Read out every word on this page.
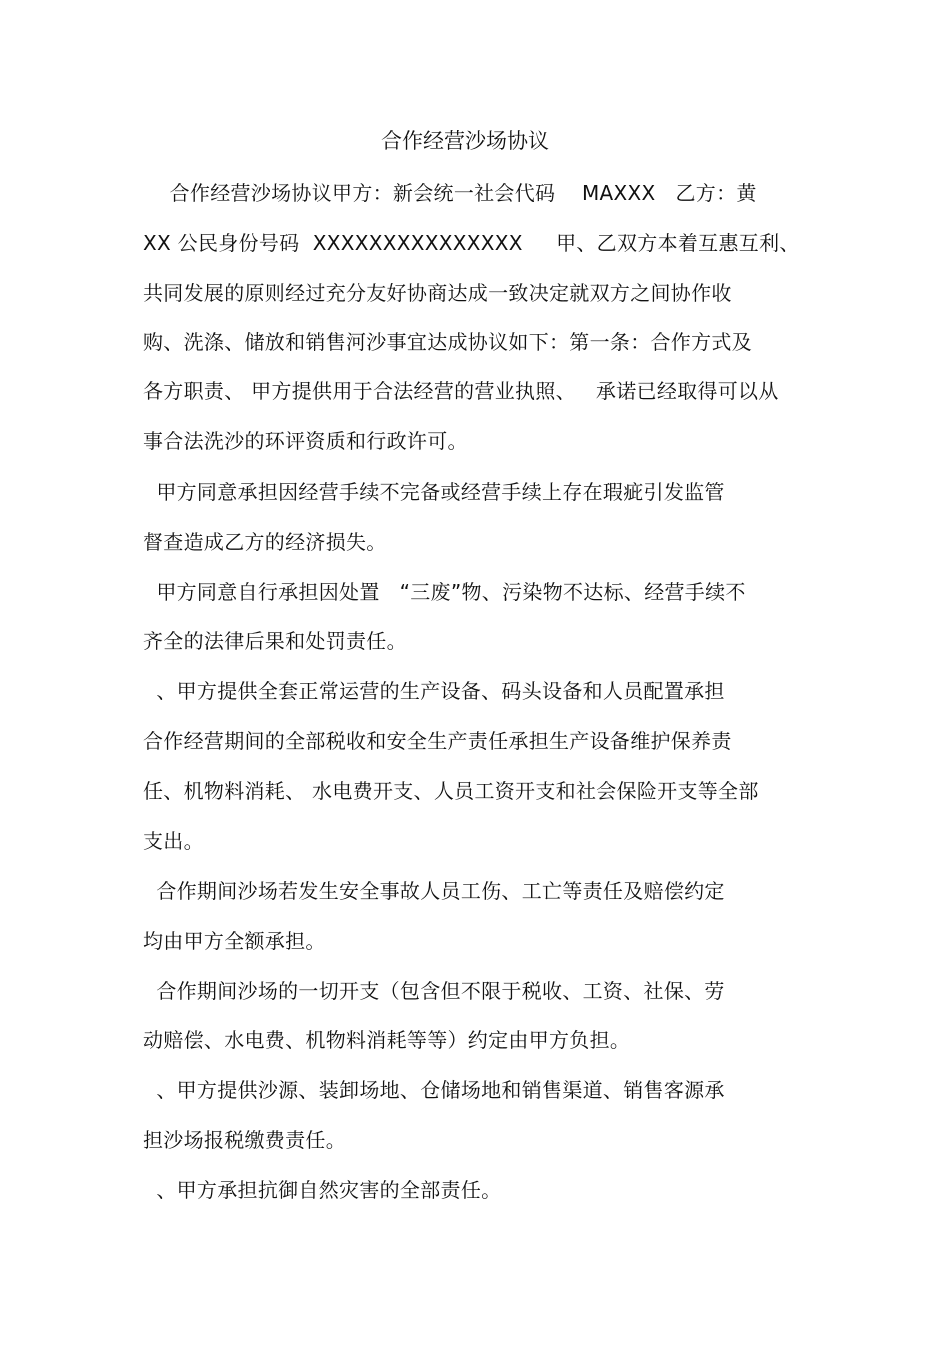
合作经营沙场协议
合作经营沙场协议甲方：新会统一社会代码    MAXXX   乙方：黄
XX 公民身份号码  XXXXXXXXXXXXXXX     甲、乙双方本着互惠互利、
共同发展的原则经过充分友好协商达成一致决定就双方之间协作收
购、洗涤、储放和销售河沙事宜达成协议如下：第一条：合作方式及
各方职责、 甲方提供用于合法经营的营业执照、   承诺已经取得可以从
事合法洗沙的环评资质和行政许可。
甲方同意承担因经营手续不完备或经营手续上存在瑕疵引发监管
督查造成乙方的经济损失。
甲方同意自行承担因处置   “三废”物、污染物不达标、经营手续不
齐全的法律后果和处罚责任。
、甲方提供全套正常运营的生产设备、码头设备和人员配置承担
合作经营期间的全部税收和安全生产责任承担生产设备维护保养责
任、机物料消耗、 水电费开支、人员工资开支和社会保险开支等全部
支出。
合作期间沙场若发生安全事故人员工伤、工亡等责任及赔偿约定
均由甲方全额承担。
合作期间沙场的一切开支（包含但不限于税收、工资、社保、劳
动赔偿、水电费、机物料消耗等等）约定由甲方负担。
、甲方提供沙源、装卸场地、仓储场地和销售渠道、销售客源承
担沙场报税缴费责任。
、甲方承担抗御自然灾害的全部责任。
